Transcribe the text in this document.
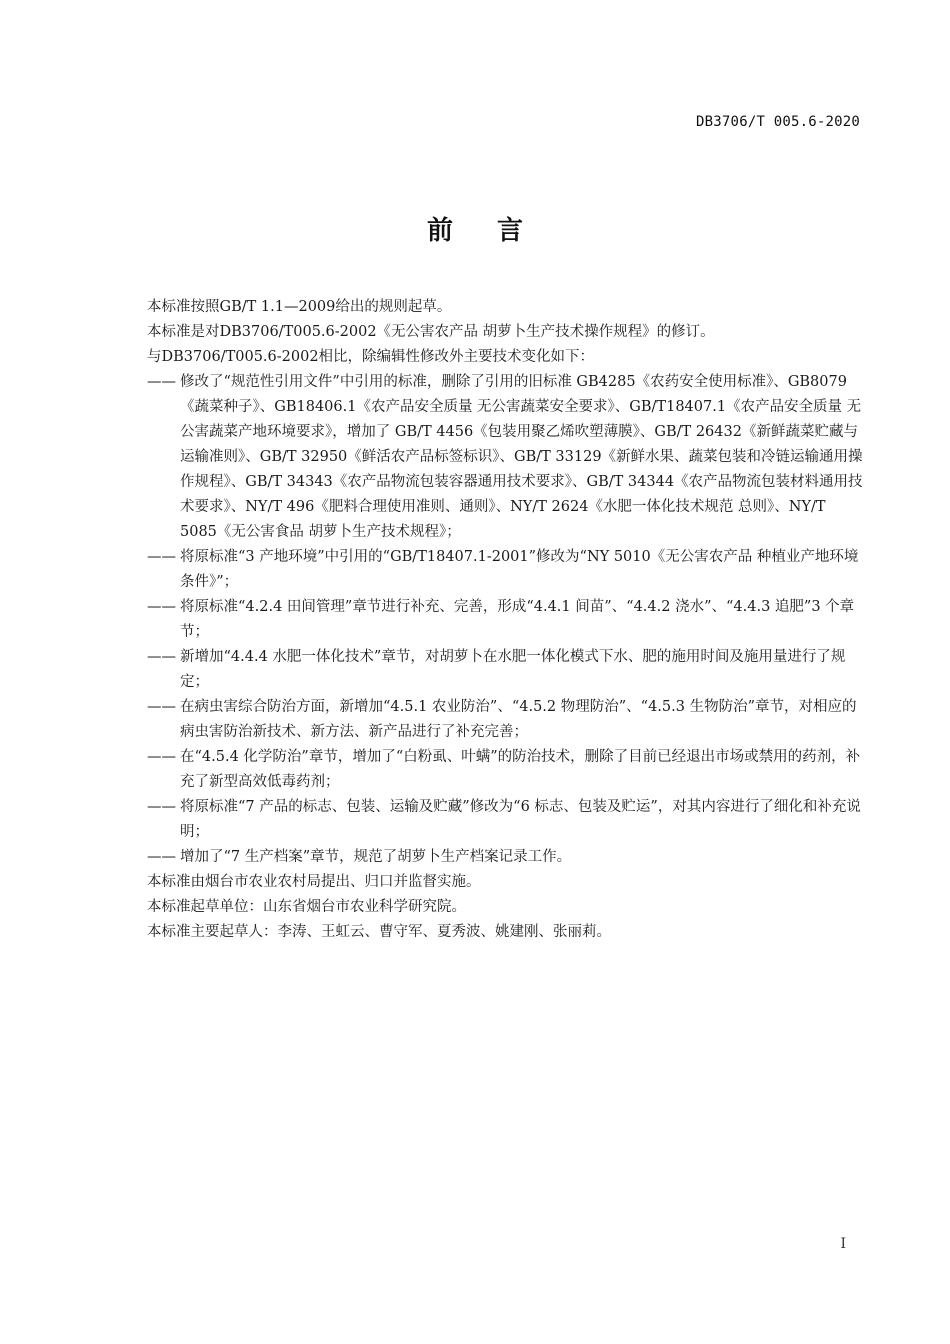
DB3706/T 005.6-2020
前言

本标准按照GB/T 1.1—2009给出的规则起草。

本标准是对DB3706/T005.6-2002《无公害农产品 胡萝卜生产技术操作规程》的修订。

与DB3706/T005.6-2002相比，除编辑性修改外主要技术变化如下：

—— 修改了“规范性引用文件”中引用的标准，删除了引用的旧标准 GB4285《农药安全使用标准》、GB8079《蔬菜种子》、GB18406.1《农产品安全质量 无公害蔬菜安全要求》、GB/T18407.1《农产品安全质量 无公害蔬菜产地环境要求》，增加了 GB/T 4456《包装用聚乙烯吹塑薄膜》、GB/T 26432《新鲜蔬菜贮藏与运输准则》、GB/T 32950《鲜活农产品标签标识》、GB/T 33129《新鲜水果、蔬菜包装和冷链运输通用操作规程》、GB/T 34343《农产品物流包装容器通用技术要求》、GB/T 34344《农产品物流包装材料通用技术要求》、NY/T 496《肥料合理使用准则、通则》、NY/T 2624《水肥一体化技术规范 总则》、NY/T 5085《无公害食品 胡萝卜生产技术规程》；
—— 将原标准“3 产地环境”中引用的“GB/T18407.1-2001”修改为“NY 5010《无公害农产品 种植业产地环境条件》”；
—— 将原标准“4.2.4 田间管理”章节进行补充、完善，形成“4.4.1 间苗”、“4.4.2 浇水”、“4.4.3 追肥”3 个章节；
—— 新增加“4.4.4 水肥一体化技术”章节，对胡萝卜在水肥一体化模式下水、肥的施用时间及施用量进行了规定；
—— 在病虫害综合防治方面，新增加“4.5.1 农业防治”、“4.5.2 物理防治”、“4.5.3 生物防治”章节，对相应的病虫害防治新技术、新方法、新产品进行了补充完善；
—— 在“4.5.4 化学防治”章节，增加了“白粉虱、叶螨”的防治技术，删除了目前已经退出市场或禁用的药剂，补充了新型高效低毒药剂；
—— 将原标准“7 产品的标志、包装、运输及贮藏”修改为“6 标志、包装及贮运”，对其内容进行了细化和补充说明；
—— 增加了“7 生产档案”章节，规范了胡萝卜生产档案记录工作。

本标准由烟台市农业农村局提出、归口并监督实施。

本标准起草单位：山东省烟台市农业科学研究院。

本标准主要起草人：李涛、王虹云、曹守军、夏秀波、姚建刚、张丽莉。

I
